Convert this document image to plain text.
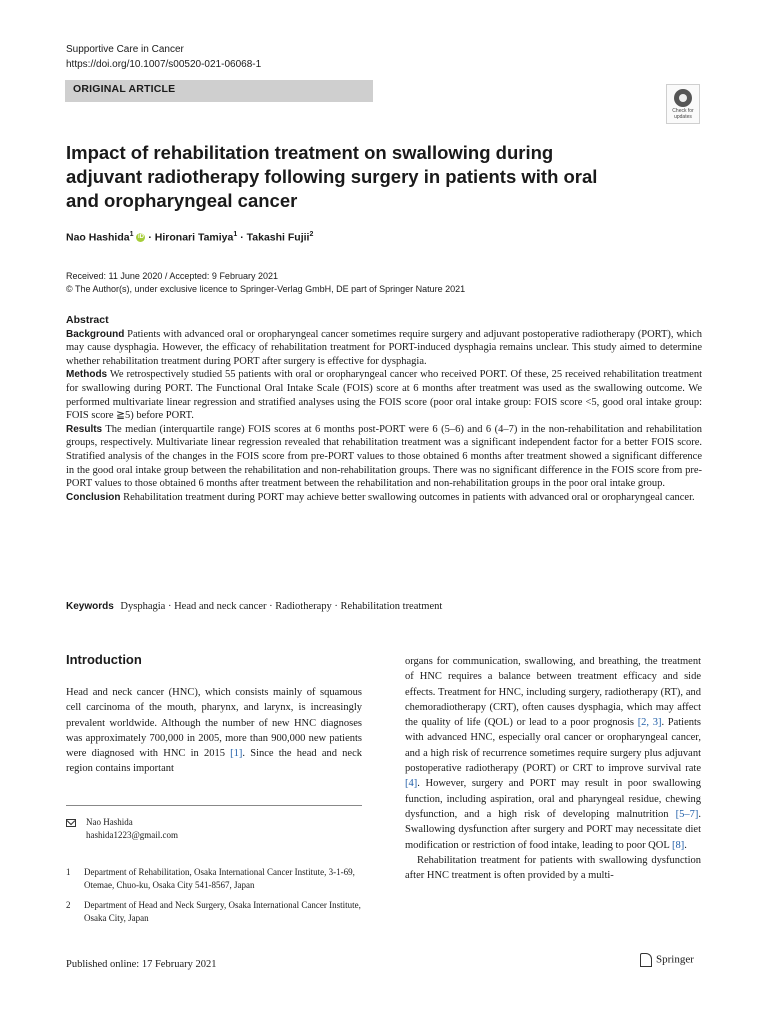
Supportive Care in Cancer
https://doi.org/10.1007/s00520-021-06068-1
ORIGINAL ARTICLE
Check for updates
Impact of rehabilitation treatment on swallowing during adjuvant radiotherapy following surgery in patients with oral and oropharyngeal cancer
Nao Hashida$^1$ iD · Hironari Tamiya$^1$ · Takashi Fujii$^2$
Received: 11 June 2020 / Accepted: 9 February 2021
© The Author(s), under exclusive licence to Springer-Verlag GmbH, DE part of Springer Nature 2021
Abstract

Background Patients with advanced oral or oropharyngeal cancer sometimes require surgery and adjuvant postoperative radiotherapy (PORT), which may cause dysphagia. However, the efficacy of rehabilitation treatment for PORT-induced dysphagia remains unclear. This study aimed to determine whether rehabilitation treatment during PORT after surgery is effective for dysphagia.

Methods We retrospectively studied 55 patients with oral or oropharyngeal cancer who received PORT. Of these, 25 received rehabilitation treatment for swallowing during PORT. The Functional Oral Intake Scale (FOIS) score at 6 months after treatment was used as the swallowing outcome. We performed multivariate linear regression and stratified analyses using the FOIS score (poor oral intake group: FOIS score <5, good oral intake group: FOIS score ≧5) before PORT.

Results The median (interquartile range) FOIS scores at 6 months post-PORT were 6 (5–6) and 6 (4–7) in the non-rehabilitation and rehabilitation groups, respectively. Multivariate linear regression revealed that rehabilitation treatment was a significant independent factor for a better FOIS score. Stratified analysis of the changes in the FOIS score from pre-PORT values to those obtained 6 months after treatment showed a significant difference in the good oral intake group between the rehabilitation and non-rehabilitation groups. There was no significant difference in the FOIS score from pre-PORT values to those obtained 6 months after treatment between the rehabilitation and non-rehabilitation groups in the poor oral intake group.

Conclusion Rehabilitation treatment during PORT may achieve better swallowing outcomes in patients with advanced oral or oropharyngeal cancer.

Keywords Dysphagia · Head and neck cancer · Radiotherapy · Rehabilitation treatment
Introduction

Head and neck cancer (HNC), which consists mainly of squamous cell carcinoma of the mouth, pharynx, and larynx, is increasingly prevalent worldwide. Although the number of new HNC diagnoses was approximately 700,000 in 2005, more than 900,000 new patients were diagnosed with HNC in 2015 [1]. Since the head and neck region contains important

Nao Hashida
hashida1223@gmail.com
1 Department of Rehabilitation, Osaka International Cancer Institute, 3-1-69, Otemae, Chuo-ku, Osaka City 541-8567, Japan
2 Department of Head and Neck Surgery, Osaka International Cancer Institute, Osaka City, Japan

organs for communication, swallowing, and breathing, the treatment of HNC requires a balance between treatment efficacy and side effects. Treatment for HNC, including surgery, radiotherapy (RT), and chemoradiotherapy (CRT), often causes dysphagia, which may affect the quality of life (QOL) or lead to a poor prognosis [2, 3]. Patients with advanced HNC, especially oral cancer or oropharyngeal cancer, and a high risk of recurrence sometimes require surgery plus adjuvant postoperative radiotherapy (PORT) or CRT to improve survival rate [4]. However, surgery and PORT may result in poor swallowing function, including aspiration, oral and pharyngeal residue, chewing dysfunction, and a high risk of developing malnutrition [5–7]. Swallowing dysfunction after surgery and PORT may necessitate diet modification or restriction of food intake, leading to poor QOL [8].

Rehabilitation treatment for patients with swallowing dysfunction after HNC treatment is often provided by a multi-

Published online: 17 February 2021	Springer
